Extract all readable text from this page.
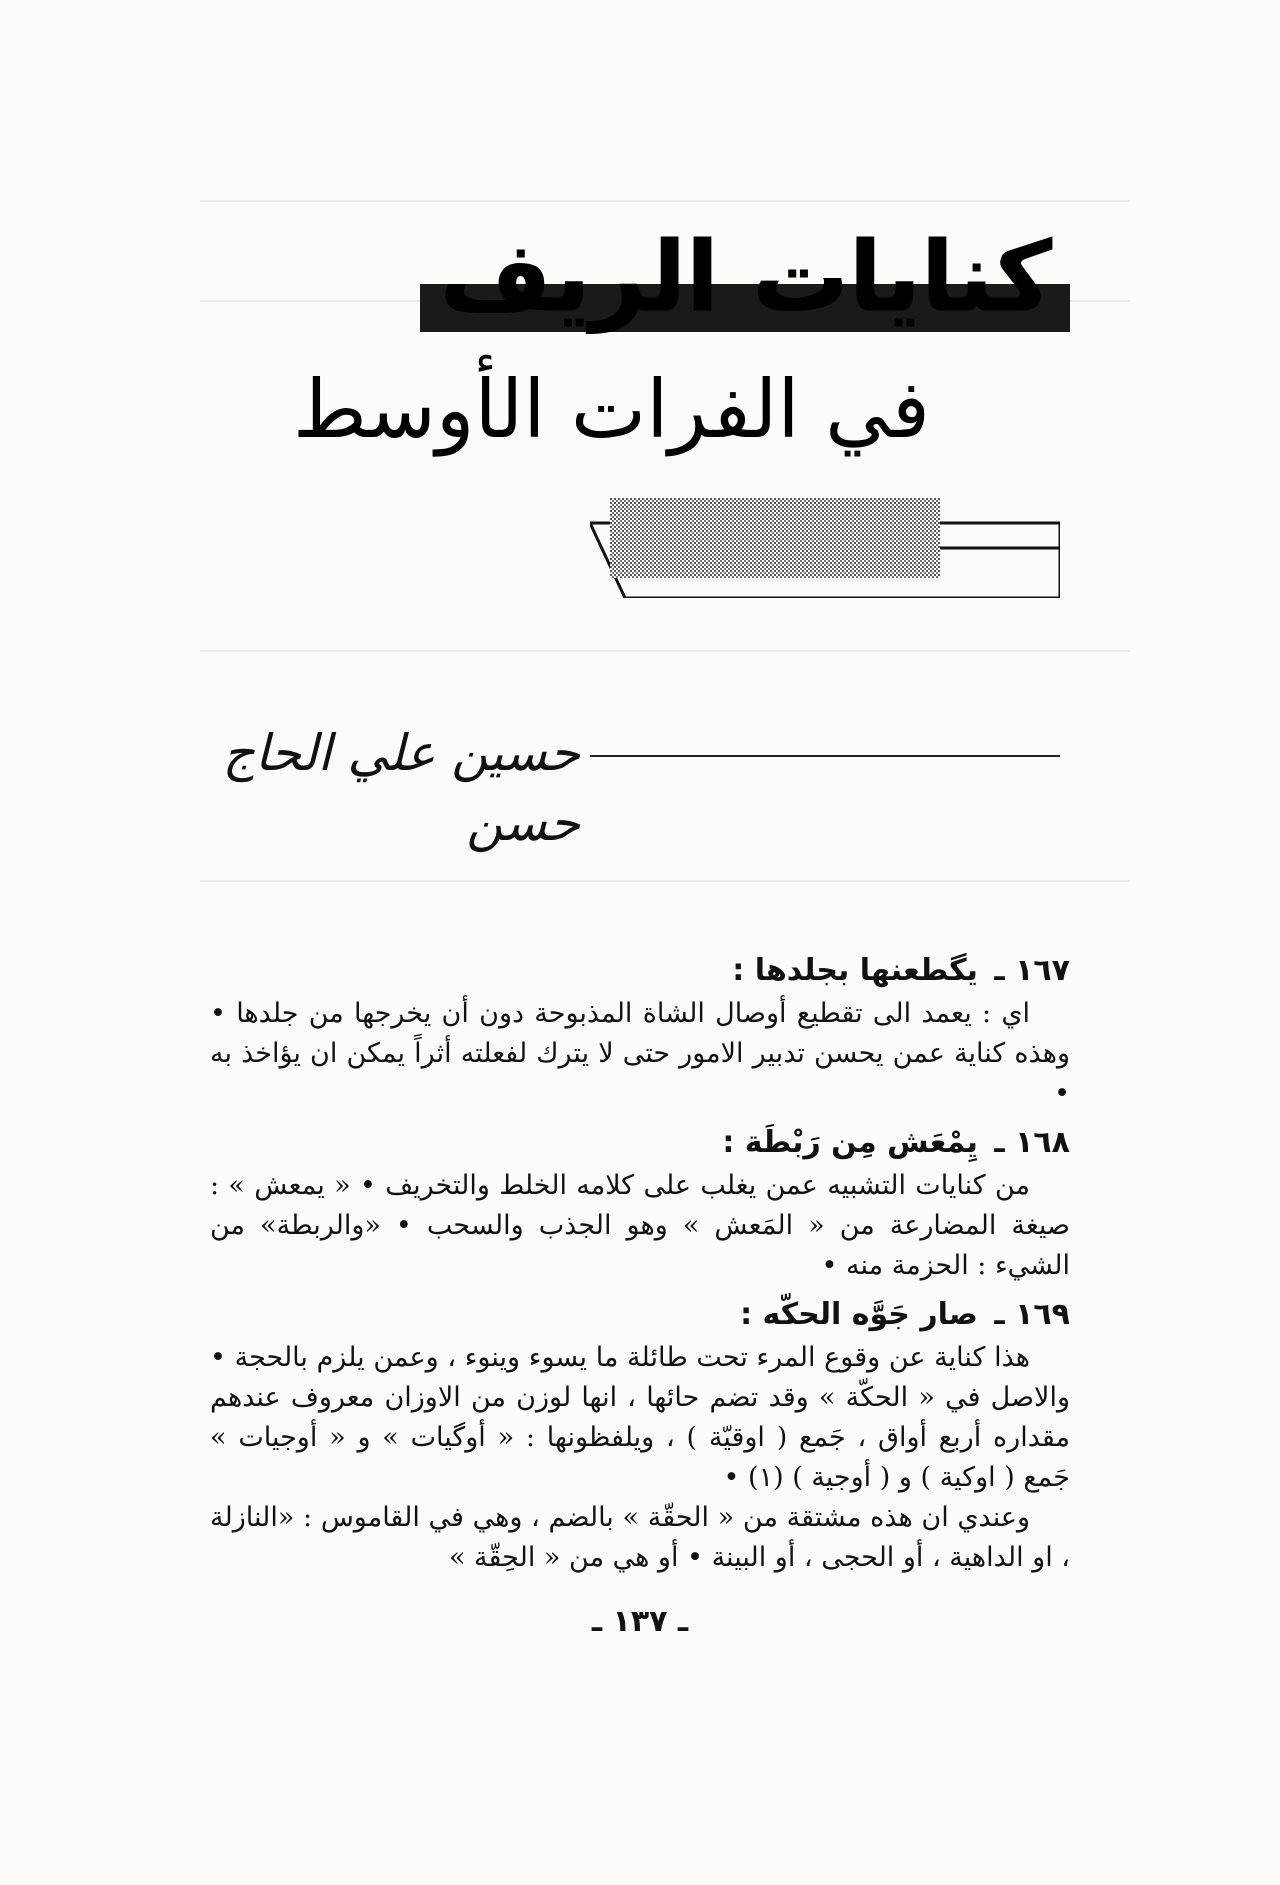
كنايات الريف
في الفرات الأوسط
حسين علي الحاج حسن

١٦٧ ـ يگطعنها بجلدها :

اي : يعمد الى تقطيع أوصال الشاة المذبوحة دون أن يخرجها من جلدها • وهذه كناية عمن يحسن تدبير الامور حتى لا يترك لفعلته أثراً يمكن ان يؤاخذ به •

١٦٨ ـ يِمْعَش مِن رَبْطَة :

من كنايات التشبيه عمن يغلب على كلامه الخلط والتخريف • « يمعش » : صيغة المضارعة من « المَعش » وهو الجذب والسحب • «والربطة» من الشيء : الحزمة منه •

١٦٩ ـ صار جَوَّه الحكّه :

هذا كناية عن وقوع المرء تحت طائلة ما يسوء وينوء ، وعمن يلزم بالحجة • والاصل في « الحكّة » وقد تضم حائها ، انها لوزن من الاوزان معروف عندهم مقداره أربع أواق ، جَمع ( اوقيّة ) ، ويلفظونها : « أوگيات » و « أوجيات » جَمع ( اوكية ) و ( أوجية ) (١) •

وعندي ان هذه مشتقة من « الحقّة » بالضم ، وهي في القاموس : «النازلة ، او الداهية ، أو الحجى ، أو البينة • أو هي من « الحِقّة »

ـ ١٣٧ ـ
